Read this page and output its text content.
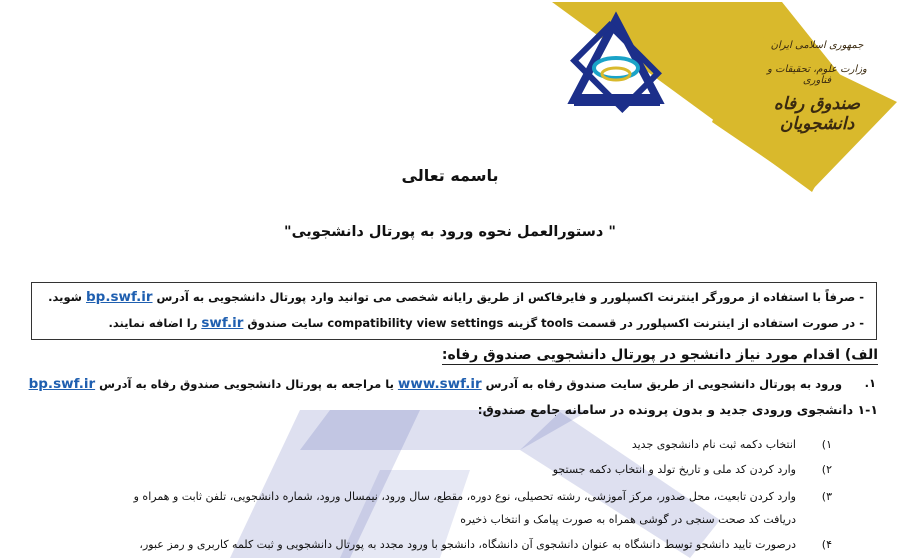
جمهوری اسلامی ایران
وزارت علوم، تحقیقات و فناوری
صندوق رفاه دانشجویان
باسمه تعالی
" دستورالعمل نحوه ورود به پورتال دانشجویی"
- صرفاً با استفاده از مرورگر اینترنت اکسپلورر و فایرفاکس از طریق رایانه شخصی می توانید وارد پورتال دانشجویی به آدرس bp.swf.ir شوید.
- در صورت استفاده از اینترنت اکسپلورر در قسمت tools گزینه compatibility view settings سایت صندوق swf.ir را اضافه نمایند.
الف) اقدام مورد نیاز دانشجو در پورتال دانشجویی صندوق رفاه:
۱.
ورود به پورتال دانشجویی از طریق سایت صندوق رفاه به آدرس www.swf.ir یا مراجعه به پورتال دانشجویی صندوق رفاه به آدرس bp.swf.ir
۱-۱ دانشجوی ورودی جدید و بدون پرونده در سامانه جامع صندوق:
۱)
انتخاب دکمه ثبت نام دانشجوی جدید
۲)
وارد کردن کد ملی و تاریخ تولد و انتخاب دکمه جستجو
۳)
وارد کردن تابعیت، محل صدور، مرکز آموزشی، رشته تحصیلی، نوع دوره، مقطع، سال ورود، نیمسال ورود، شماره دانشجویی، تلفن ثابت و همراه و
دریافت کد صحت سنجی در گوشی همراه به صورت پیامک و انتخاب ذخیره
۴)
درصورت تایید دانشجو توسط دانشگاه به عنوان دانشجوی آن دانشگاه، دانشجو با ورود مجدد به پورتال دانشجویی و ثبت کلمه کاربری و رمز عبور،
